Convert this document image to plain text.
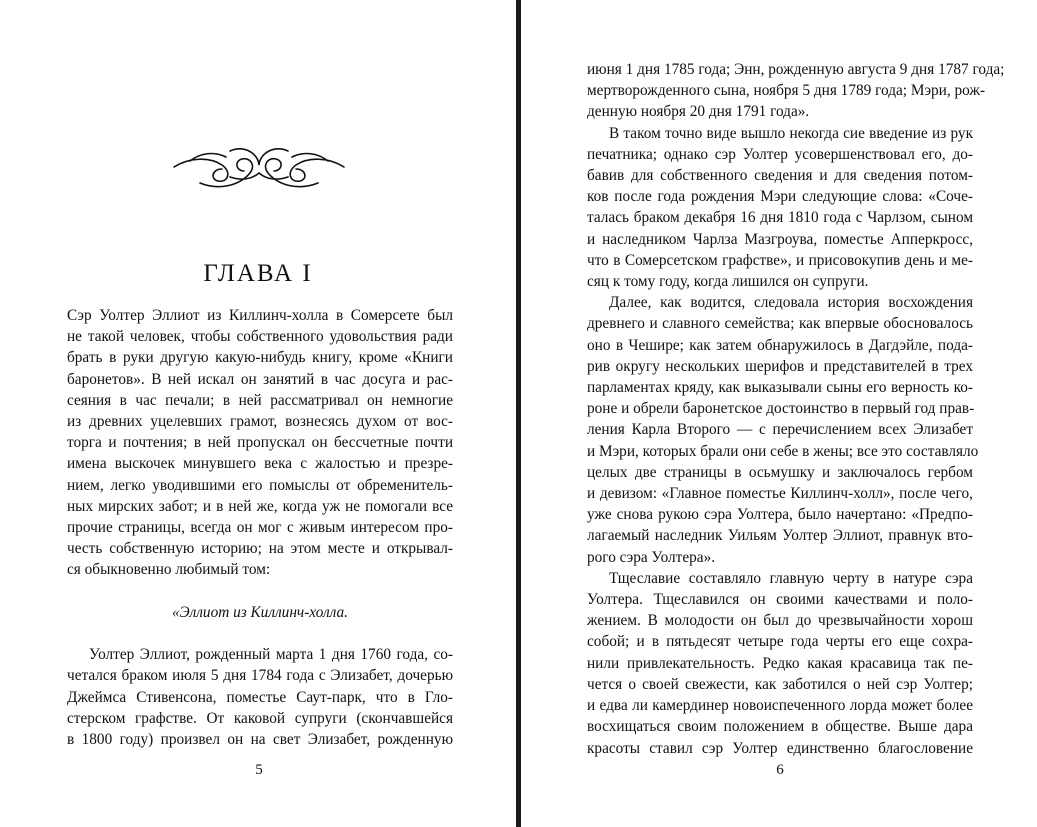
ГЛАВА I

Сэр Уолтер Эллиот из Киллинч-холла в Сомерсете был
не такой человек, чтобы собственного удовольствия ради
брать в руки другую какую-нибудь книгу, кроме «Книги
баронетов». В ней искал он занятий в час досуга и рас-
сеяния в час печали; в ней рассматривал он немногие
из древних уцелевших грамот, вознесясь духом от вос-
торга и почтения; в ней пропускал он бессчетные почти
имена выскочек минувшего века с жалостью и презре-
нием, легко уводившими его помыслы от обременитель-
ных мирских забот; и в ней же, когда уж не помогали все
прочие страницы, всегда он мог с живым интересом про-
честь собственную историю; на этом месте и открывал-
ся обыкновенно любимый том:

«Эллиот из Киллинч-холла.

Уолтер Эллиот, рожденный марта 1 дня 1760 года, со-
четался браком июля 5 дня 1784 года с Элизабет, дочерью
Джеймса Стивенсона, поместье Саут-парк, что в Гло-
стерском графстве. От каковой супруги (скончавшейся
в 1800 году) произвел он на свет Элизабет, рожденную

5

июня 1 дня 1785 года; Энн, рожденную августа 9 дня 1787 года;
мертворожденного сына, ноября 5 дня 1789 года; Мэри, рож-
денную ноября 20 дня 1791 года».

В таком точно виде вышло некогда сие введение из рук
печатника; однако сэр Уолтер усовершенствовал его, до-
бавив для собственного сведения и для сведения потом-
ков после года рождения Мэри следующие слова: «Соче-
талась браком декабря 16 дня 1810 года с Чарлзом, сыном
и наследником Чарлза Мазгроува, поместье Апперкросс,
что в Сомерсетском графстве», и присовокупив день и ме-
сяц к тому году, когда лишился он супруги.

Далее, как водится, следовала история восхождения
древнего и славного семейства; как впервые обосновалось
оно в Чешире; как затем обнаружилось в Дагдэйле, пода-
рив округу нескольких шерифов и представителей в трех
парламентах кряду, как выказывали сыны его верность ко-
роне и обрели баронетское достоинство в первый год прав-
ления Карла Второго — с перечислением всех Элизабет
и Мэри, которых брали они себе в жены; все это составляло
целых две страницы в осьмушку и заключалось гербом
и девизом: «Главное поместье Киллинч-холл», после чего,
уже снова рукою сэра Уолтера, было начертано: «Предпо-
лагаемый наследник Уильям Уолтер Эллиот, правнук вто-
рого сэра Уолтера».

Тщеславие составляло главную черту в натуре сэра
Уолтера. Тщеславился он своими качествами и поло-
жением. В молодости он был до чрезвычайности хорош
собой; и в пятьдесят четыре года черты его еще сохра-
нили привлекательность. Редко какая красавица так пе-
чется о своей свежести, как заботился о ней сэр Уолтер;
и едва ли камердинер новоиспеченного лорда может более
восхищаться своим положением в обществе. Выше дара
красоты ставил сэр Уолтер единственно благословение

6
